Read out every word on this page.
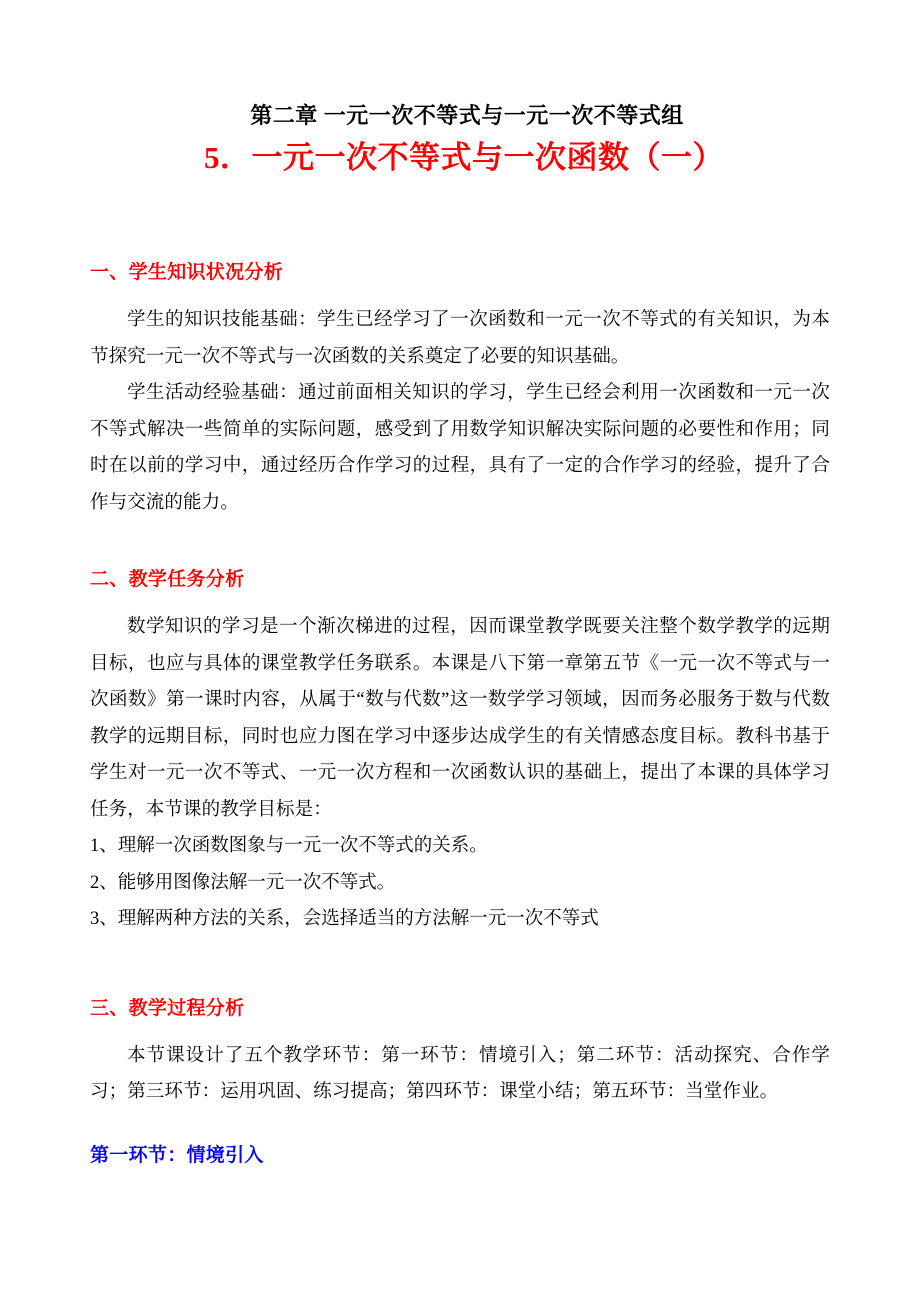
第二章 一元一次不等式与一元一次不等式组
5．一元一次不等式与一次函数（一）
一、学生知识状况分析
学生的知识技能基础：学生已经学习了一次函数和一元一次不等式的有关知识，为本节探究一元一次不等式与一次函数的关系奠定了必要的知识基础。
学生活动经验基础：通过前面相关知识的学习，学生已经会利用一次函数和一元一次不等式解决一些简单的实际问题，感受到了用数学知识解决实际问题的必要性和作用；同时在以前的学习中，通过经历合作学习的过程，具有了一定的合作学习的经验，提升了合作与交流的能力。
二、教学任务分析
数学知识的学习是一个渐次梯进的过程，因而课堂教学既要关注整个数学教学的远期目标，也应与具体的课堂教学任务联系。本课是八下第一章第五节《一元一次不等式与一次函数》第一课时内容，从属于“数与代数”这一数学学习领域，因而务必服务于数与代数教学的远期目标，同时也应力图在学习中逐步达成学生的有关情感态度目标。教科书基于学生对一元一次不等式、一元一次方程和一次函数认识的基础上，提出了本课的具体学习任务，本节课的教学目标是：
1、理解一次函数图象与一元一次不等式的关系。
2、能够用图像法解一元一次不等式。
3、理解两种方法的关系，会选择适当的方法解一元一次不等式
三、教学过程分析
本节课设计了五个教学环节：第一环节：情境引入；第二环节：活动探究、合作学习；第三环节：运用巩固、练习提高；第四环节：课堂小结；第五环节：当堂作业。
第一环节：情境引入
